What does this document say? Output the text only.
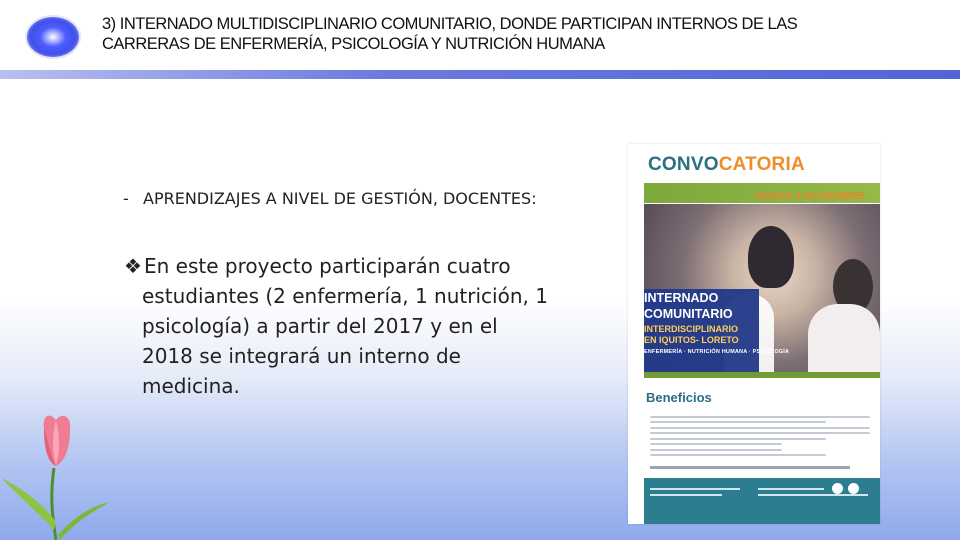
3) INTERNADO MULTIDISCIPLINARIO COMUNITARIO, DONDE PARTICIPAN INTERNOS DE LAS CARRERAS DE ENFERMERÍA, PSICOLOGÍA Y NUTRICIÓN HUMANA
- APRENDIZAJES A NIVEL DE GESTIÓN, DOCENTES:
❖ En este proyecto participarán cuatro estudiantes (2 enfermería, 1 nutrición, 1 psicología) a partir del 2017 y en el 2018 se integrará un interno de medicina.
CONVOCATORIA
MARZO A NOVIEMBRE
INTERNADO
COMUNITARIO
INTERDISCIPLINARIO
EN IQUITOS- LORETO
ENFERMERÍA · NUTRICIÓN HUMANA · PSICOLOGÍA
Beneficios
